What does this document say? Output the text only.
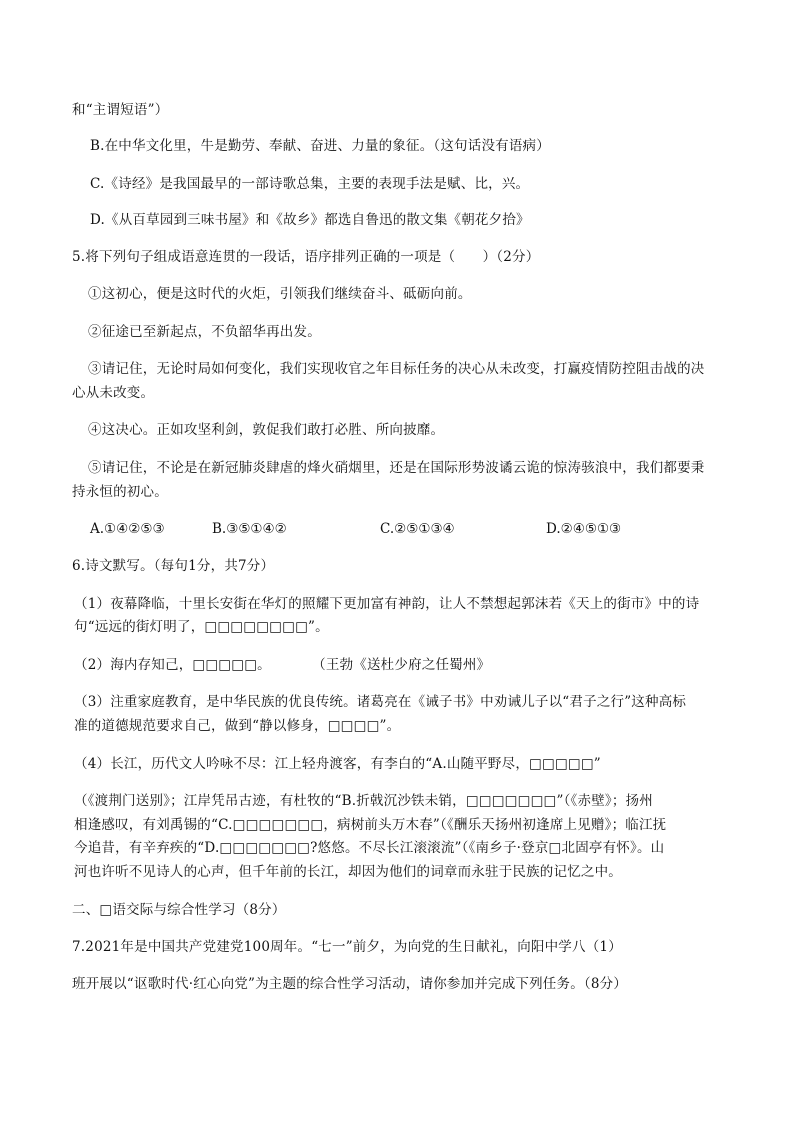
和“主谓短语”）
B.在中华文化里，牛是勤劳、奉献、奋进、力量的象征。（这句话没有语病）
C.《诗经》是我国最早的一部诗歌总集，主要的表现手法是赋、比，兴。
D.《从百草园到三味书屋》和《故乡》都选自鲁迅的散文集《朝花夕拾》
5.将下列句子组成语意连贯的一段话，语序排列正确的一项是（　　）（2分）
①这初心，便是这时代的火炬，引领我们继续奋斗、砥砺向前。
②征途已至新起点，不负韶华再出发。
③请记住，无论时局如何变化，我们实现收官之年目标任务的决心从未改变，打赢疫情防控阻击战的决
心从未改变。
④这决心。正如攻坚利剑，敦促我们敢打必胜、所向披靡。
⑤请记住，不论是在新冠肺炎肆虐的烽火硝烟里，还是在国际形势波谲云诡的惊涛骇浪中，我们都要秉
持永恒的初心。
A.①④②⑤③	B.③⑤①④②	C.②⑤①③④	D.②④⑤①③
6.诗文默写。（每句1分，共7分）
（1）夜幕降临，十里长安街在华灯的照耀下更加富有神韵，让人不禁想起郭沫若《天上的街市》中的诗
句“远远的街灯明了，□□□□□□□□”。
（2）海内存知己，□□□□□。　　　　（王勃《送杜少府之任蜀州》
（3）注重家庭教育，是中华民族的优良传统。诸葛亮在《诫子书》中劝诫儿子以“君子之行”这种高标
准的道德规范要求自己，做到“静以修身，□□□□”。
（4）长江，历代文人吟咏不尽：江上轻舟渡客，有李白的“A.山随平野尽，□□□□□”
（《渡荆门送别》；江岸凭吊古迹，有杜牧的“B.折戟沉沙铁未销，□□□□□□□”（《赤壁》；扬州
相逢感叹，有刘禹锡的“C.□□□□□□□，病树前头万木春”（《酬乐天扬州初逢席上见赠》；临江抚
今追昔，有辛弃疾的“D.□□□□□□□?悠悠。不尽长江滚滚流”（《南乡子·登京□北固亭有怀》。山
河也许听不见诗人的心声，但千年前的长江，却因为他们的词章而永驻于民族的记忆之中。
二、□语交际与综合性学习（8分）
7.2021年是中国共产党建党100周年。“七一”前夕，为向党的生日献礼，向阳中学八（1）
班开展以“讴歌时代·红心向党”为主题的综合性学习活动，请你参加并完成下列任务。（8分）
